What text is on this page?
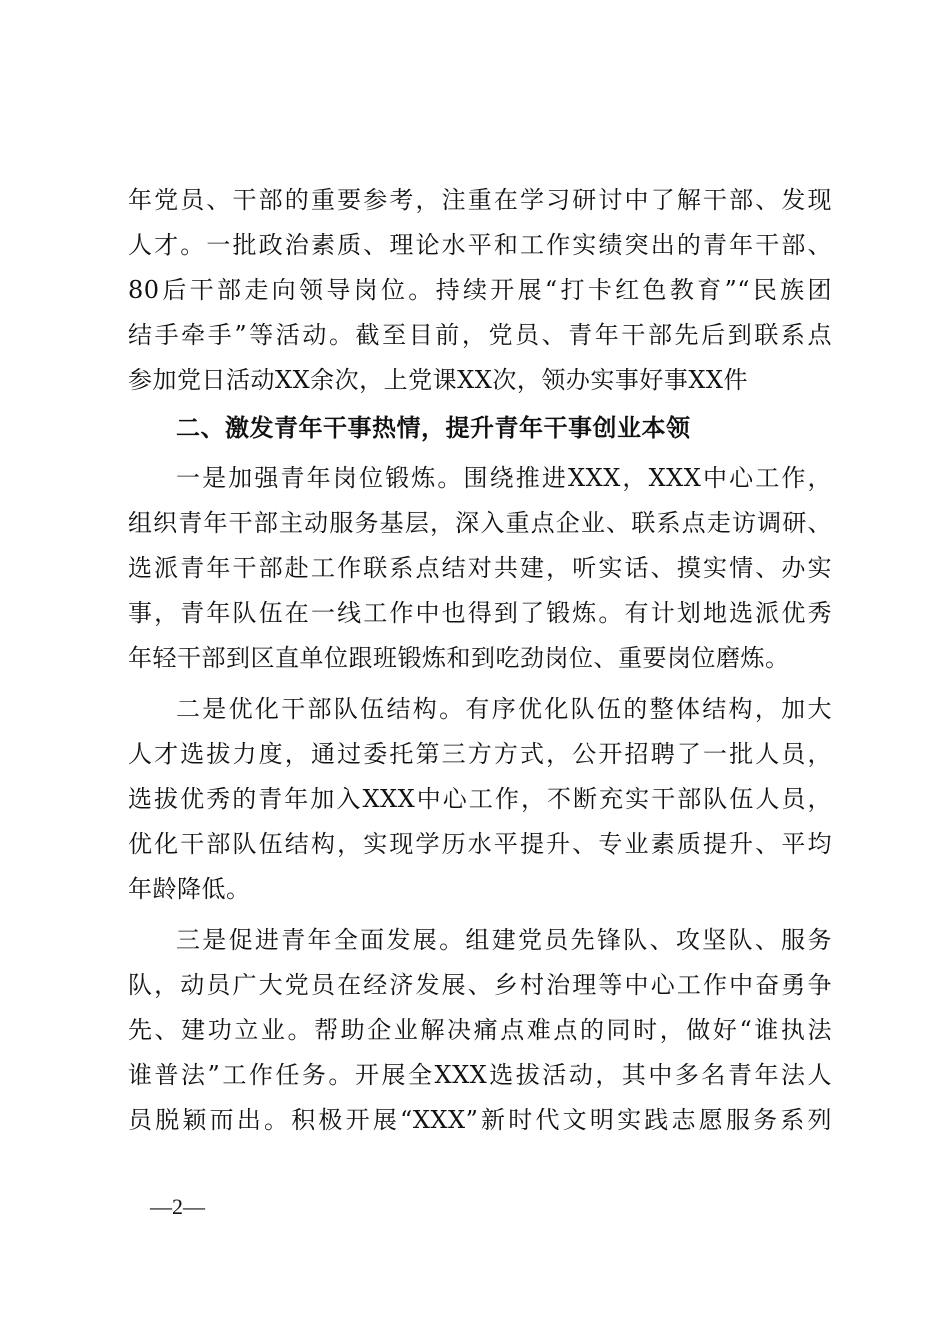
年党员、干部的重要参考，注重在学习研讨中了解干部、发现
人才。一批政治素质、理论水平和工作实绩突出的青年干部、
80后干部走向领导岗位。持续开展“打卡红色教育”“民族团
结手牵手”等活动。截至目前，党员、青年干部先后到联系点
参加党日活动XX余次，上党课XX次，领办实事好事XX件
二、激发青年干事热情，提升青年干事创业本领
一是加强青年岗位锻炼。围绕推进XXX，XXX中心工作，
组织青年干部主动服务基层，深入重点企业、联系点走访调研、
选派青年干部赴工作联系点结对共建，听实话、摸实情、办实
事，青年队伍在一线工作中也得到了锻炼。有计划地选派优秀
年轻干部到区直单位跟班锻炼和到吃劲岗位、重要岗位磨炼。
二是优化干部队伍结构。有序优化队伍的整体结构，加大
人才选拔力度，通过委托第三方方式，公开招聘了一批人员，
选拔优秀的青年加入XXX中心工作，不断充实干部队伍人员，
优化干部队伍结构，实现学历水平提升、专业素质提升、平均
年龄降低。
三是促进青年全面发展。组建党员先锋队、攻坚队、服务
队，动员广大党员在经济发展、乡村治理等中心工作中奋勇争
先、建功立业。帮助企业解决痛点难点的同时，做好“谁执法
谁普法”工作任务。开展全XXX选拔活动，其中多名青年法人
员脱颖而出。积极开展“XXX”新时代文明实践志愿服务系列
—2—
